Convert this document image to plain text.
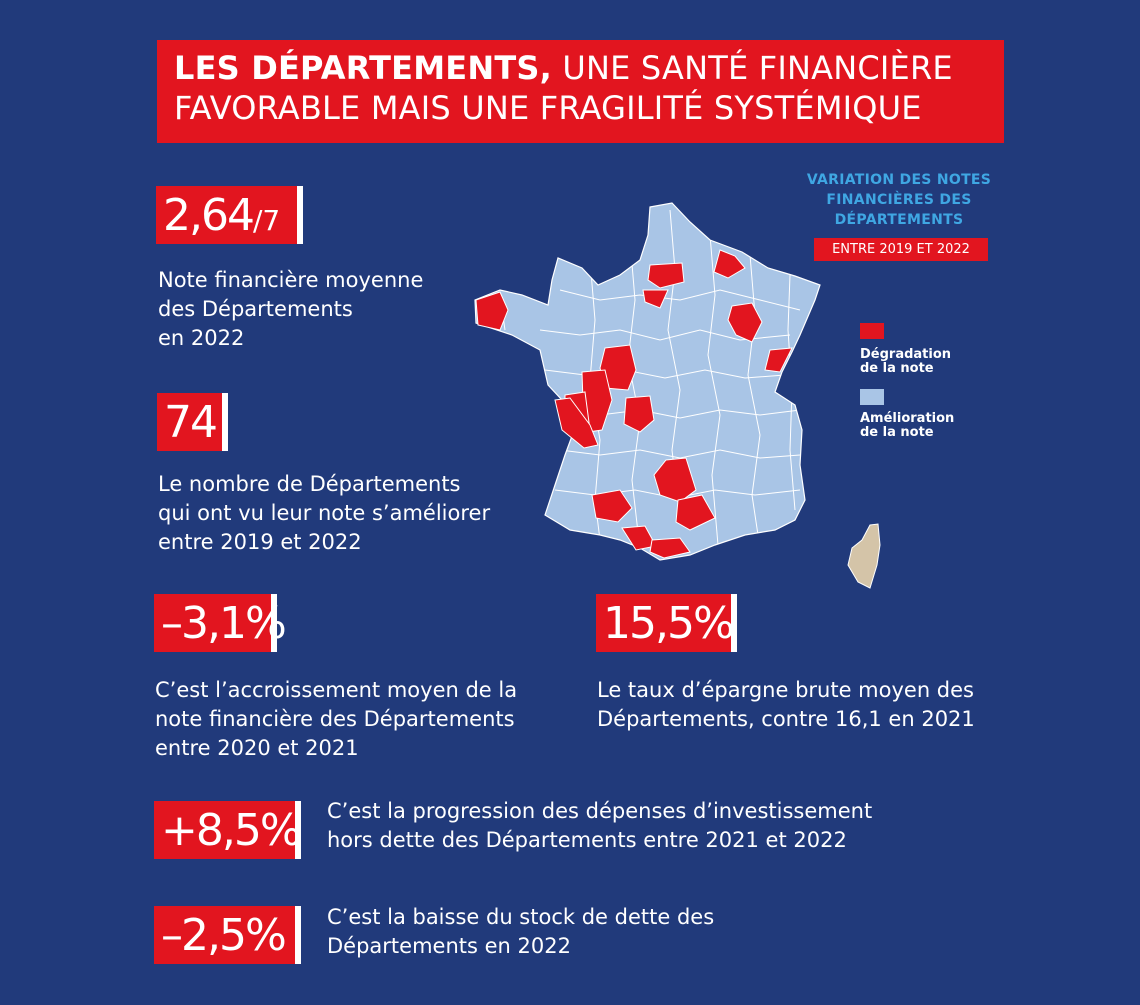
LES DÉPARTEMENTS, UNE SANTÉ FINANCIÈRE
FAVORABLE MAIS UNE FRAGILITÉ SYSTÉMIQUE
2,64/7
Note financière moyenne
des Départements
en 2022
74
Le nombre de Départements
qui ont vu leur note s’améliorer
entre 2019 et 2022
–3,1%
C’est l’accroissement moyen de la
note financière des Départements
entre 2020 et 2021
15,5%
Le taux d’épargne brute moyen des
Départements, contre 16,1 en 2021
+8,5% C’est la progression des dépenses d’investissement
hors dette des Départements entre 2021 et 2022
–2,5% C’est la baisse du stock de dette des
Départements en 2022
VARIATION DES NOTES
FINANCIÈRES DES
DÉPARTEMENTS
ENTRE 2019 ET 2022
Dégradation
de la note
Amélioration
de la note
